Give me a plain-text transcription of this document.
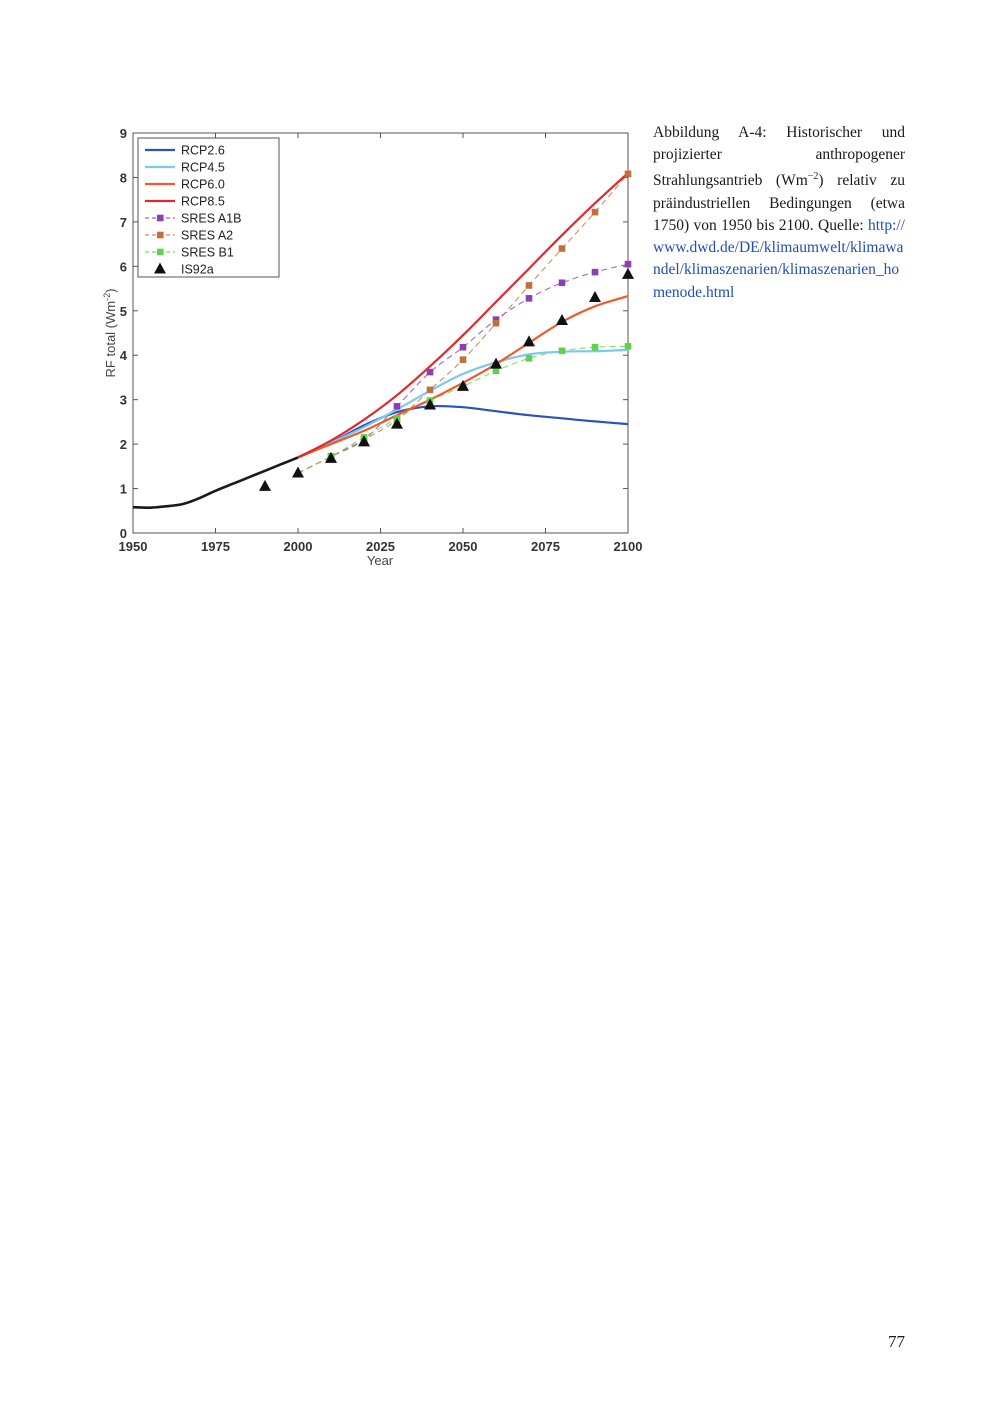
1950	1975	2000	2025	2050	2075	2100
0
1
2
3
4
5
6
7
8
9
Year
RF total $(Wm^{-2})$
RCP2.6
RCP4.5
RCP6.0
RCP8.5
SRES A1B
SRES A2
SRES B1
IS92a

Abbildung A-4: Historischer und projizierter anthropogener Strahlungsantrieb $(Wm^{-2})$ relativ zu präindustriellen Bedingungen (etwa 1750) von 1950 bis 2100. Quelle: http://www.dwd.de/DE/klimaumwelt/klimawandel/klimaszenarien/klimaszenarien_homenode.html

77
